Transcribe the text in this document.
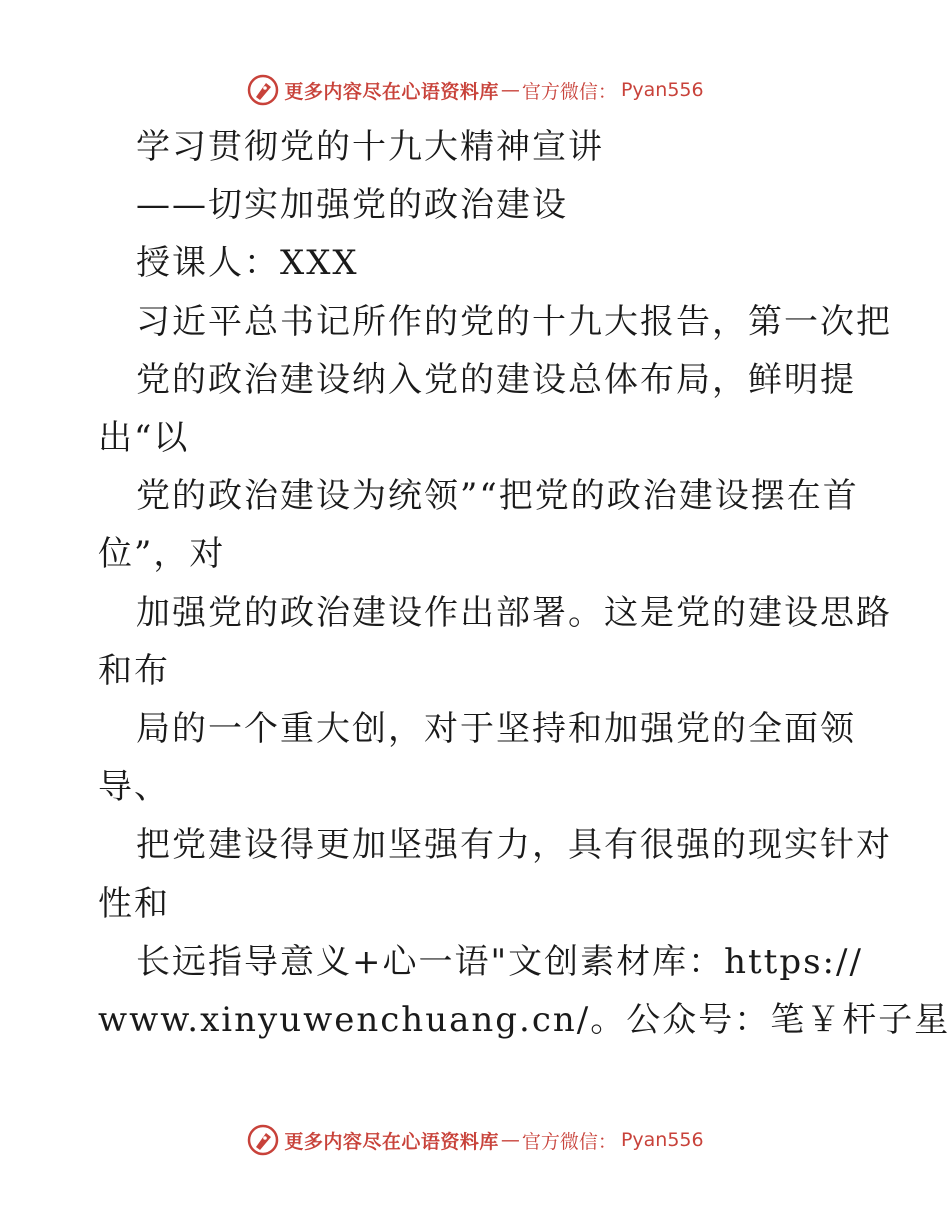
更多内容尽在心语资料库 — 官方微信： Pyan556
学习贯彻党的十九大精神宣讲
——切实加强党的政治建设
授课人：XXX
习近平总书记所作的党的十九大报告，第一次把
党的政治建设纳入党的建设总体布局，鲜明提
出“以
党的政治建设为统领”“把党的政治建设摆在首
位”，对
加强党的政治建设作出部署。这是党的建设思路
和布
局的一个重大创，对于坚持和加强党的全面领
导、
把党建设得更加坚强有力，具有很强的现实针对
性和
长远指导意义+心一语"文创素材库：https://
www.xinyuwenchuang.cn/。公众号：笔￥杆子星
更多内容尽在心语资料库 — 官方微信： Pyan556
